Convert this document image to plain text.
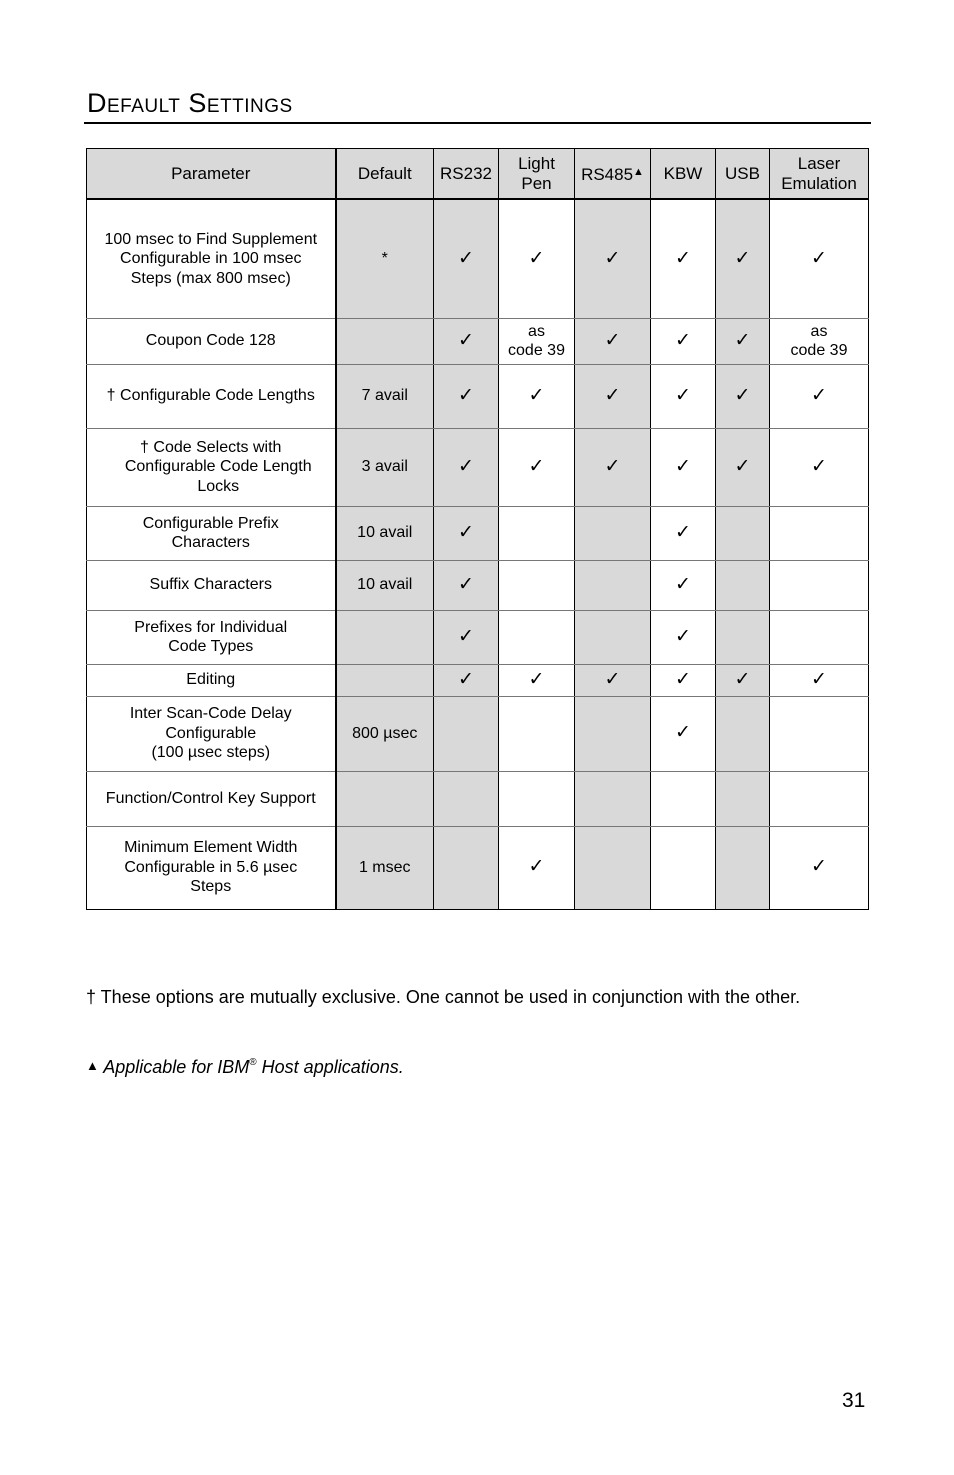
Default Settings
Parameter	Default	RS232	Light Pen	RS485▲	KBW	USB	Laser Emulation

100 msec to Find Supplement
Configurable in 100 msec
Steps (max 800 msec)	*	✓	✓	✓	✓	✓	✓

Coupon Code 128		✓	as
code 39	✓	✓	✓	as
code 39

† Configurable Code Lengths	7 avail	✓	✓	✓	✓	✓	✓

† Code Selects with
Configurable Code Length
Locks	3 avail	✓	✓	✓	✓	✓	✓

Configurable Prefix
Characters	10 avail	✓			✓		

Suffix Characters	10 avail	✓			✓		

Prefixes for Individual
Code Types		✓			✓		

Editing		✓	✓	✓	✓	✓	✓

Inter Scan-Code Delay
Configurable
(100 µsec steps)	800 µsec				✓		

Function/Control Key Support							

Minimum Element Width
Configurable in 5.6 µsec
Steps	1 msec		✓				✓

† These options are mutually exclusive. One cannot be used in conjunction with the other.

▲ Applicable for IBM® Host applications.

31
